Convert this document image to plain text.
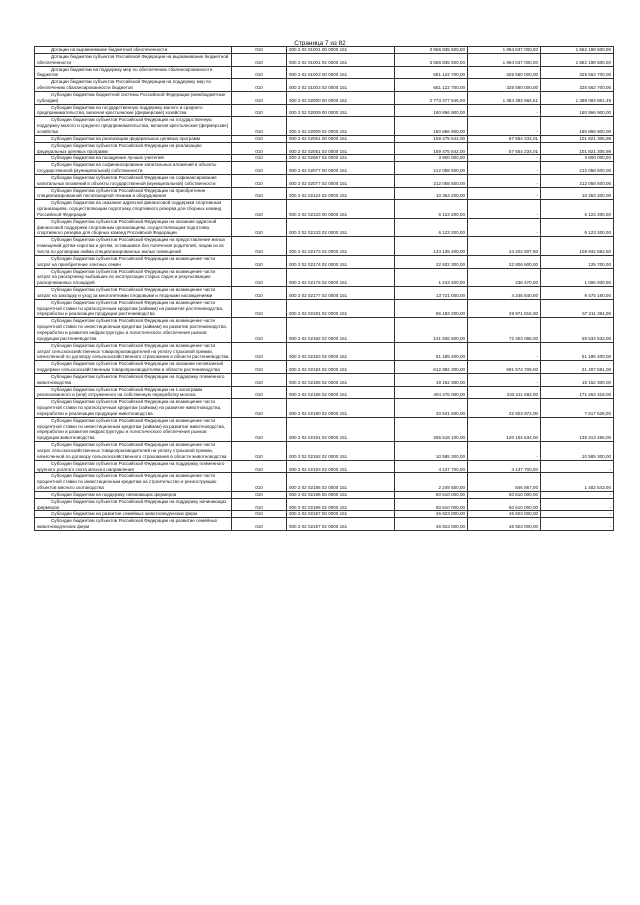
Страница 7 из 82
Дотации на выравнивание бюджетной обеспеченности	010	000 2 02 01001 00 0000 151	3 656 835 500,00	1 994 637 000,00	1 662 198 500,00

Дотации бюджетам субъектов Российской Федерации на выравнивание бюджетной обеспеченности	010	000 2 02 01001 02 0000 151	3 656 835 500,00	1 994 637 000,00	1 662 198 500,00

Дотации бюджетам на поддержку мер по обеспечению сбалансированности бюджетов	010	000 2 02 01003 00 0000 151	651 122 700,00	325 560 000,00	325 562 700,00

Дотации бюджетам субъектов Российской Федерации на поддержку мер по обеспечению сбалансированности бюджетов	010	000 2 02 01003 02 0000 151	651 122 700,00	325 560 000,00	325 562 700,00

Субсидии бюджетам бюджетной системы Российской Федерации (межбюджетные субсидии)	010	000 2 02 02000 00 0000 151	2 773 477 545,00	1 384 383 684,51	1 389 093 861,49

Субсидии бюджетам на государственную поддержку малого и среднего предпринимательства, включая крестьянские (фермерские) хозяйства	010	000 2 02 02009 00 0000 151	180 866 900,00	-	180 866 900,00

Субсидии бюджетам субъектов Российской Федерации на государственную поддержку малого и среднего предпринимательства, включая крестьянские (фермерские) хозяйства	010	000 2 02 02009 02 0000 151	180 866 900,00	-	180 866 900,00

Субсидии бюджетам на реализацию федеральных целевых программ	010	000 2 02 02051 00 0000 151	159 475 542,00	57 654 234,01	101 821 305,99

Субсидии бюджетам субъектов Российской Федерации на реализацию федеральных целевых программ	010	000 2 02 02051 02 0000 151	159 475 542,00	57 654 234,01	101 821 305,99

Субсидии бюджетам на поощрение лучших учителей	010	000 2 02 02067 02 0000 151	3 800 000,00	-	3 800 000,00

Субсидии бюджетам на софинансирование капитальных вложений в объекты государственной (муниципальной) собственности	010	000 2 02 02077 00 0000 151	212 058 500,00	-	212 058 500,00

Субсидии бюджетам субъектов Российской Федерации на софинансирование капитальных вложений в объекты государственной (муниципальной) собственности	010	000 2 02 02077 02 0000 151	212 058 500,00	-	212 058 500,00

Субсидии бюджетам субъектов Российской Федерации на приобретение специализированной лесопожарной техники и оборудования	010	000 2 02 02124 02 0000 151	10 363 200,00	-	10 363 200,00

Субсидии бюджетам на оказание адресной финансовой поддержки спортивным организациям, осуществляющим подготовку спортивного резерва для сборных команд Российской Федерации	010	000 2 02 02133 00 0000 151	6 123 200,00	-	6 123 200,00

Субсидии бюджетам субъектов Российской Федерации на оказание адресной финансовой поддержки спортивным организациям, осуществляющим подготовку спортивного резерва для сборных команд Российской Федерации	010	000 2 02 02133 02 0000 151	6 123 200,00	-	6 123 200,00

Субсидии бюджетам субъектов Российской Федерации на предоставление жилых помещений детям-сиротам и детям, оставшимся без попечения родителей, лицам из их числа по договорам найма специализированных жилых помещений	010	000 2 02 02173 02 0000 151	133 135 400,00	24 202 807,50	108 932 592,50

Субсидии бюджетам субъектов Российской Федерации на возмещение части затрат на приобретение элитных семян	010	000 2 02 02174 02 0000 151	22 932 300,00	22 806 600,00	125 700,00

Субсидии бюджетам субъектов Российской Федерации на возмещение части затрат на раскорчевку выбывших из эксплуатации старых садов и рекультивацию раскорчеванных площадей	010	000 2 02 02176 02 0000 151	1 243 400,00	236 470,00	1 006 930,00

Субсидии бюджетам субъектов Российской Федерации на возмещение части затрат на закладку и уход за многолетними плодовыми и ягодными насаждениями	010	000 2 02 02177 02 0000 151	13 721 000,00	4 245 840,00	9 475 160,00

Субсидии бюджетам субъектов Российской Федерации на возмещение части процентной ставки по краткосрочным кредитам (займам) на развитие растениеводства, переработки и реализации продукции растениеводства	010	000 2 02 02181 02 0000 151	86 183 200,00	28 971 816,00	57 211 384,00

Субсидии бюджетам субъектов Российской Федерации на возмещение части процентной ставки по инвестиционным кредитам (займам) на развитие растениеводства, переработки и развития инфраструктуры и логистического обеспечения рынков продукции растениеводства	010	000 2 02 02182 02 0000 151	141 936 600,00	72 403 068,00	69 534 532,00

Субсидии бюджетам субъектов Российской Федерации на возмещение части затрат сельскохозяйственных товаропроизводителей на уплату страховой премии, начисленной по договору сельскохозяйственного страхования в области растениеводства	010	000 2 02 02183 02 0000 151	51 185 400,00	-	51 185 400,00

Субсидии бюджетам субъектов Российской Федерации на оказание несвязанной поддержки сельскохозяйственным товаропроизводителям в области растениеводства	010	000 2 02 02184 02 0000 151	612 982 300,00	591 574 709,00	21 407 591,00

Субсидии бюджетам субъектов Российской Федерации на поддержку племенного животноводства	010	000 2 02 02185 02 0000 151	19 152 300,00	-	19 152 300,00

Субсидии бюджетам субъектов Российской Федерации на 1 килограмм реализованного и (или) отгруженного на собственную переработку молока	010	000 2 02 02186 02 0000 151	404 476 000,00	233 211 682,00	171 264 318,00

Субсидии бюджетам субъектов Российской Федерации на возмещение части процентной ставки по краткосрочным кредитам (займам) на развитие животноводства, переработки и реализации продукции животноводства	010	000 2 02 02190 02 0000 151	40 541 600,00	32 923 972,00	7 617 628,00

Субсидии бюджетам субъектов Российской Федерации на возмещение части процентной ставки по инвестиционным кредитам (займам) на развитие животноводства, переработки и развития инфраструктуры и логистического обеспечения рынков продукции животноводства	010	000 2 02 02191 02 0000 151	255 518 100,00	120 104 634,00	135 413 466,00

Субсидии бюджетам субъектов Российской Федерации на возмещение части затрат сельскохозяйственных товаропроизводителей на уплату страховой премии, начисленной по договору сельскохозяйственного страхования в области животноводства	010	000 2 02 02192 02 0000 151	10 585 300,00	-	10 585 300,00

Субсидии бюджетам субъектов Российской Федерации на поддержку племенного крупного рогатого скота мясного направления	010	000 2 02 02193 02 0000 151	4 137 700,00	4 137 700,00	-

Субсидии бюджетам субъектов Российской Федерации на возмещение части процентной ставки по инвестиционным кредитам на строительство и реконструкцию объектов мясного скотоводства	010	000 2 02 02195 02 0000 151	2 249 500,00	846 957,00	1 402 543,00

Субсидии бюджетам на поддержку начинающих фермеров	010	000 2 02 02196 00 0000 151	50 610 000,00	50 610 000,00	-

Субсидии бюджетам субъектов Российской Федерации на поддержку начинающих фермеров	010	000 2 02 02196 02 0000 151	50 610 000,00	50 610 000,00	-

Субсидии бюджетам на развитие семейных животноводческих ферм	010	000 2 02 02197 00 0000 151	46 923 000,00	46 923 000,00	-

Субсидии бюджетам субъектов Российской Федерации на развитие семейных животноводческих ферм	010	000 2 02 02197 02 0000 151	46 923 000,00	46 923 000,00	-
